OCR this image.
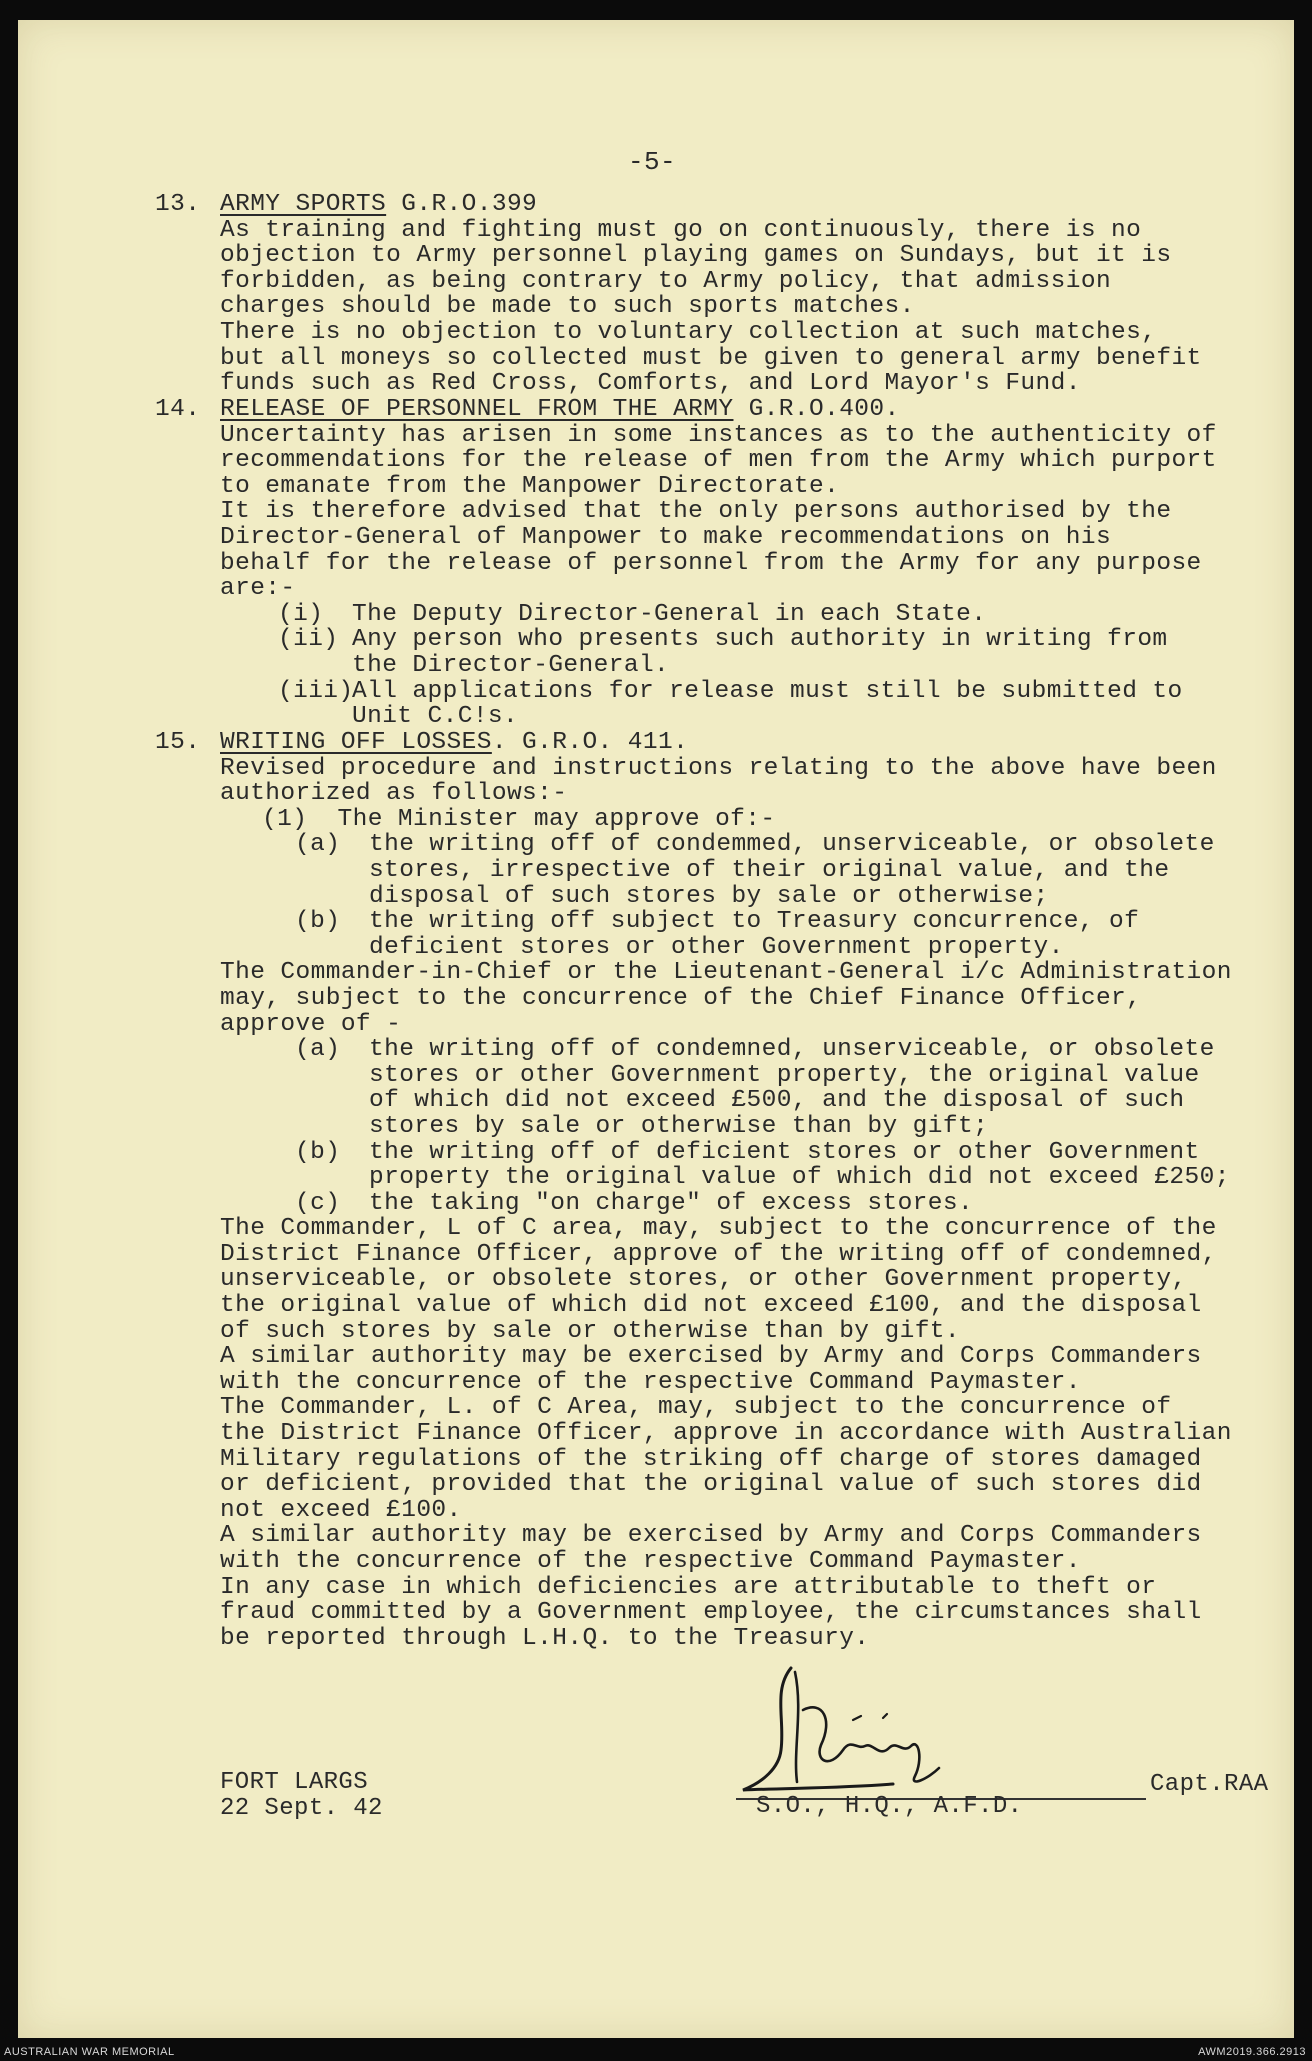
-5-
13. ARMY SPORTS G.R.O.399
As training and fighting must go on continuously, there is no
objection to Army personnel playing games on Sundays, but it is
forbidden, as being contrary to Army policy, that admission
charges should be made to such sports matches.
There is no objection to voluntary collection at such matches,
but all moneys so collected must be given to general army benefit
funds such as Red Cross, Comforts, and Lord Mayor's Fund.
14. RELEASE OF PERSONNEL FROM THE ARMY G.R.O.400.
Uncertainty has arisen in some instances as to the authenticity of
recommendations for the release of men from the Army which purport
to emanate from the Manpower Directorate.
It is therefore advised that the only persons authorised by the
Director-General of Manpower to make recommendations on his
behalf for the release of personnel from the Army for any purpose
are:-
(i)	The Deputy Director-General in each State.
(ii) Any person who presents such authority in writing from
the Director-General.
(iii)
All applications for release must still be submitted to
Unit C.C!s.
15. WRITING OFF LOSSES. G.R.O. 411.
Revised procedure and instructions relating to the above have been
authorized as follows:-
(1)  The Minister may approve of:-
(a)	the writing off of condemmed, unserviceable, or obsolete
stores, irrespective of their original value, and the
disposal of such stores by sale or otherwise;
(b)	the writing off subject to Treasury concurrence, of
deficient stores or other Government property.
The Commander-in-Chief or the Lieutenant-General i/c Administration
may, subject to the concurrence of the Chief Finance Officer,
approve of -
(a)	the writing off of condemned, unserviceable, or obsolete
stores or other Government property, the original value
of which did not exceed £500, and the disposal of such
stores by sale or otherwise than by gift;
(b)	the writing off of deficient stores or other Government
property the original value of which did not exceed £250;
(c)	the taking "on charge" of excess stores.
The Commander, L of C area, may, subject to the concurrence of the
District Finance Officer, approve of the writing off of condemned,
unserviceable, or obsolete stores, or other Government property,
the original value of which did not exceed £100, and the disposal
of such stores by sale or otherwise than by gift.
A similar authority may be exercised by Army and Corps Commanders
with the concurrence of the respective Command Paymaster.
The Commander, L. of C Area, may, subject to the concurrence of
the District Finance Officer, approve in accordance with Australian
Military regulations of the striking off charge of stores damaged
or deficient, provided that the original value of such stores did
not exceed £100.
A similar authority may be exercised by Army and Corps Commanders
with the concurrence of the respective Command Paymaster.
In any case in which deficiencies are attributable to theft or
fraud committed by a Government employee, the circumstances shall
be reported through L.H.Q. to the Treasury.
FORT LARGS
22 Sept. 42	S.O., H.Q., A.F.D.
Capt.RAA
AUSTRALIAN WAR MEMORIAL	AWM2019.366.2913
